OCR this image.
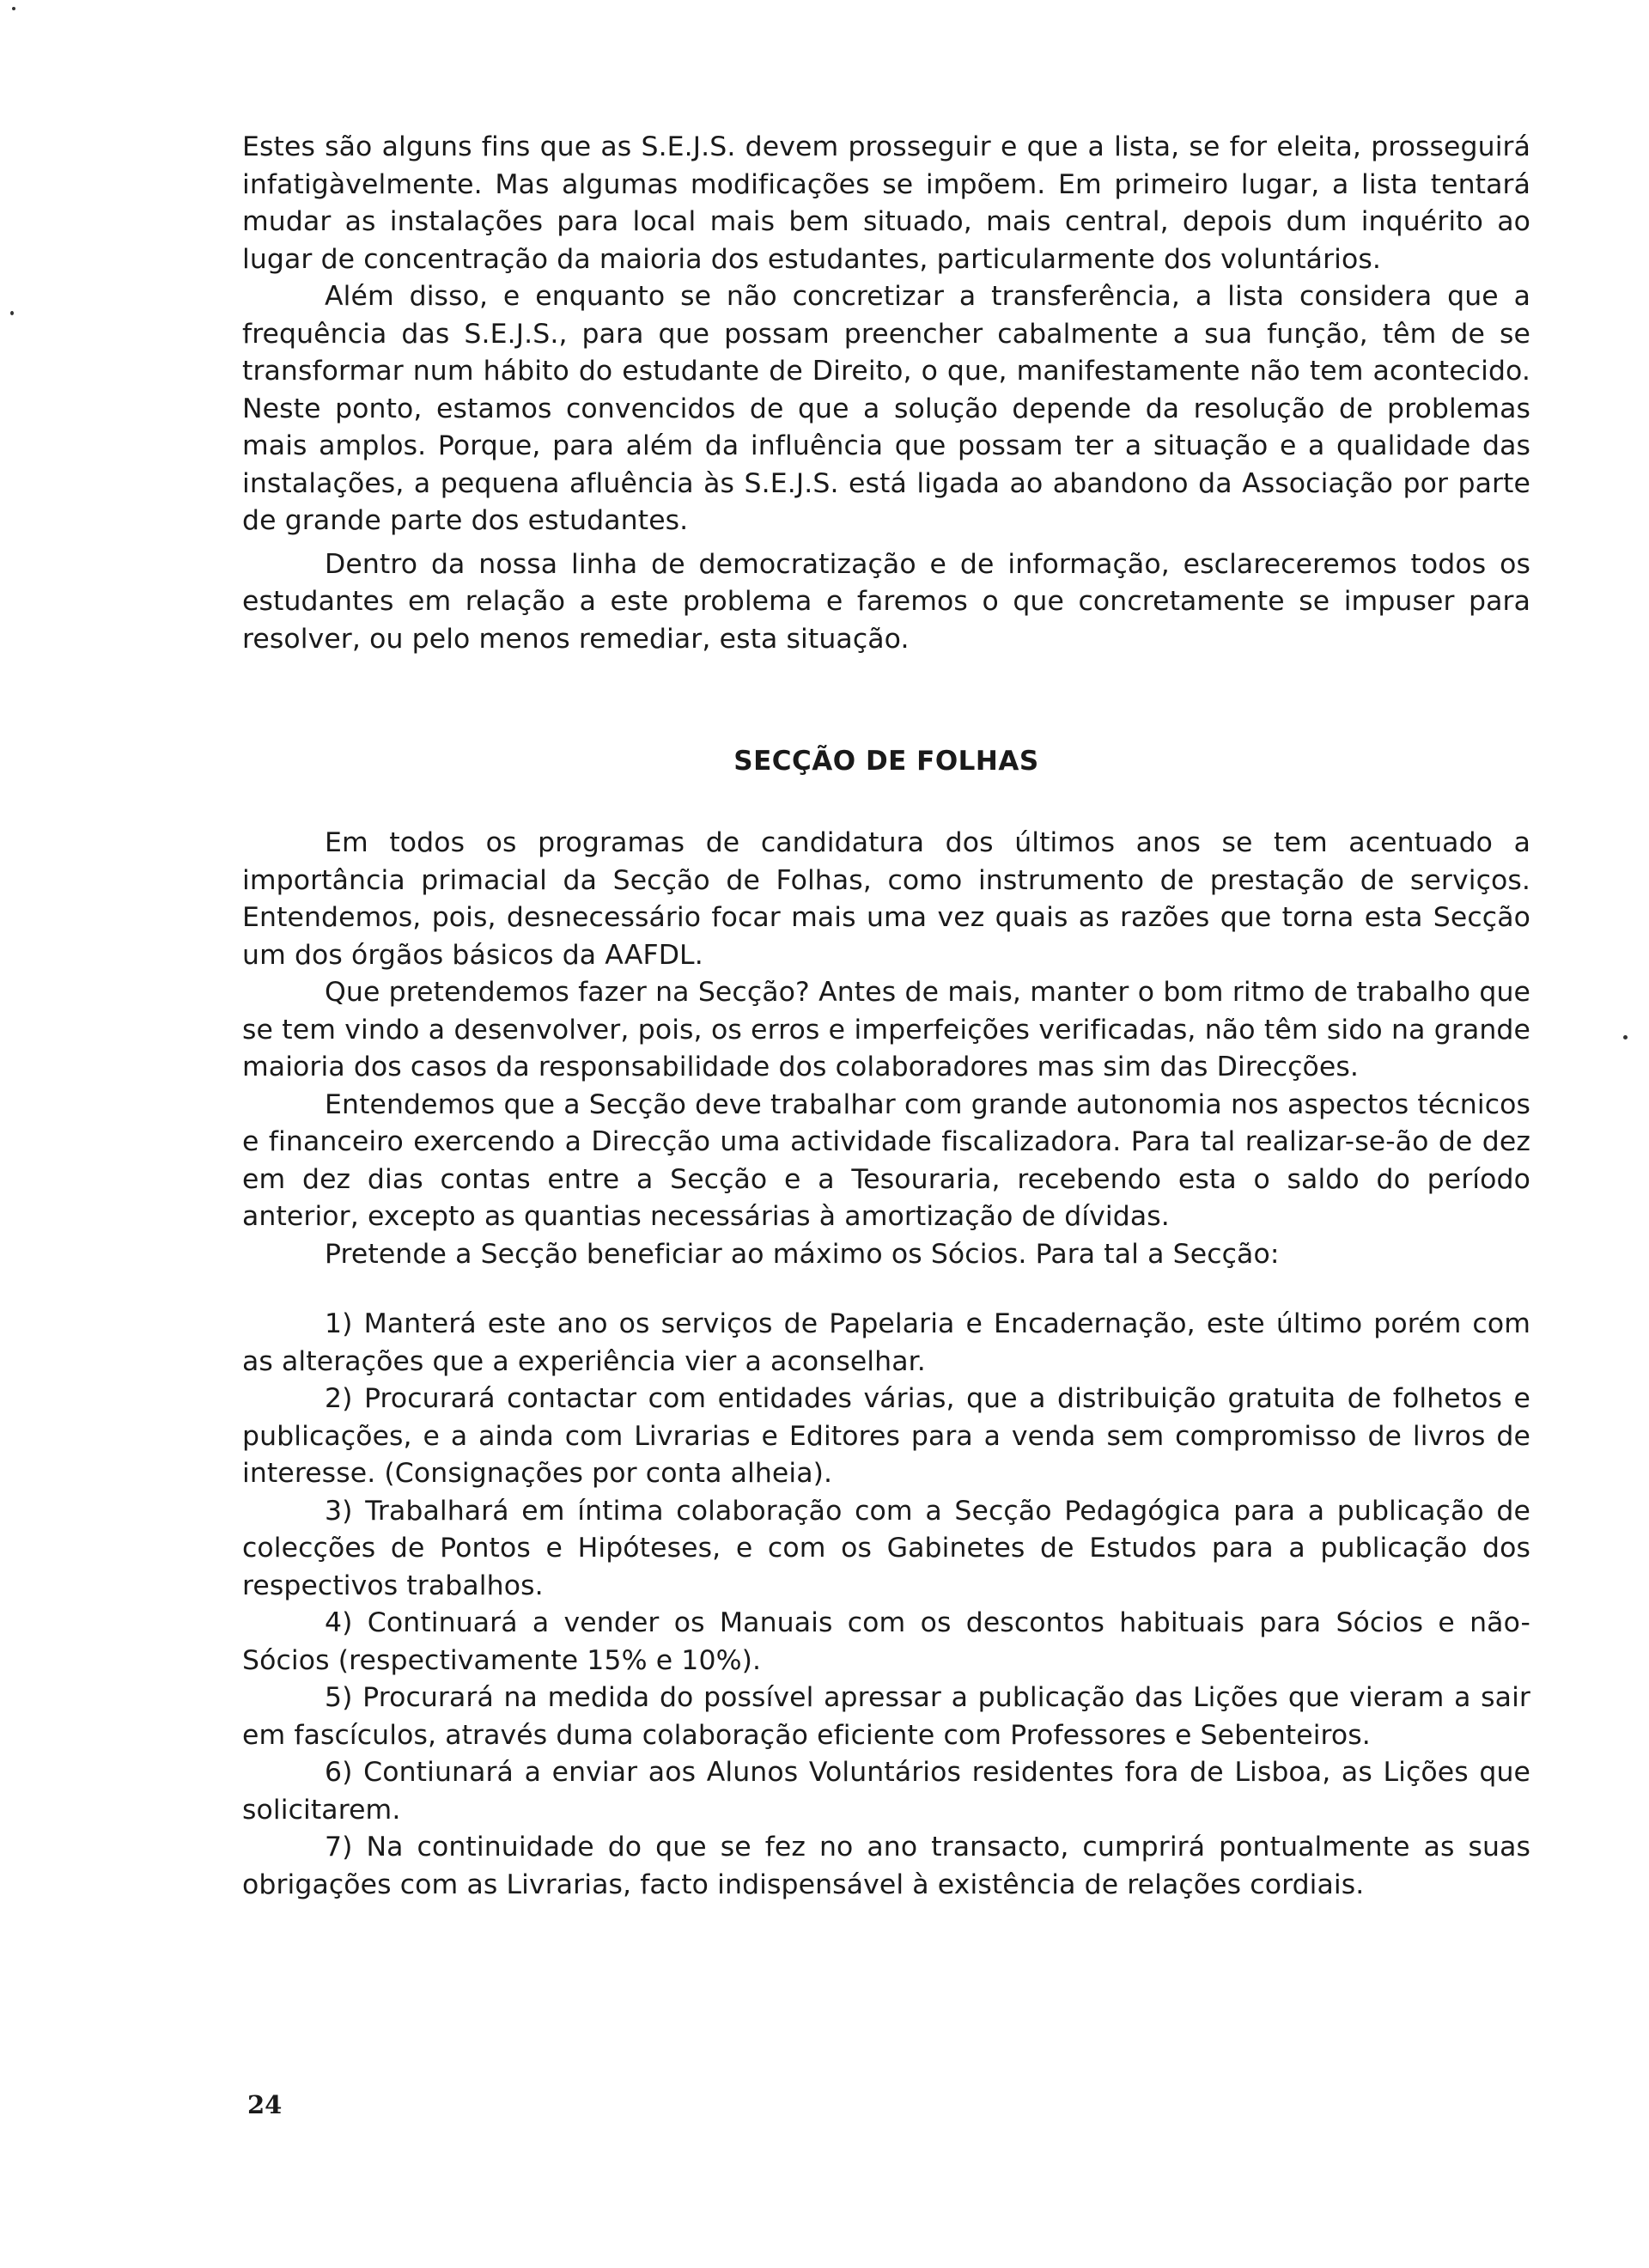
Estes são alguns fins que as S.E.J.S. devem prosseguir e que a lista, se for eleita, prosseguirá infatigàvelmente. Mas algumas modificações se impõem. Em primeiro lugar, a lista tentará mudar as instalações para local mais bem situado, mais central, depois dum inquérito ao lugar de concentração da maioria dos estudantes, particularmente dos voluntários.

Além disso, e enquanto se não concretizar a transferência, a lista considera que a frequência das S.E.J.S., para que possam preencher cabalmente a sua função, têm de se transformar num hábito do estudante de Direito, o que, manifestamente não tem acontecido. Neste ponto, estamos convencidos de que a solução depende da resolução de problemas mais amplos. Porque, para além da influência que possam ter a situação e a qualidade das instalações, a pequena afluência às S.E.J.S. está ligada ao abandono da Associação por parte de grande parte dos estudantes.

Dentro da nossa linha de democratização e de informação, esclareceremos todos os estudantes em relação a este problema e faremos o que concretamente se impuser para resolver, ou pelo menos remediar, esta situação.

SECÇÃO DE FOLHAS

Em todos os programas de candidatura dos últimos anos se tem acentuado a importância primacial da Secção de Folhas, como instrumento de prestação de serviços. Entendemos, pois, desnecessário focar mais uma vez quais as razões que torna esta Secção um dos órgãos básicos da AAFDL.

Que pretendemos fazer na Secção? Antes de mais, manter o bom ritmo de trabalho que se tem vindo a desenvolver, pois, os erros e imperfeições verificadas, não têm sido na grande maioria dos casos da responsabilidade dos colaboradores mas sim das Direcções.

Entendemos que a Secção deve trabalhar com grande autonomia nos aspectos técnicos e financeiro exercendo a Direcção uma actividade fiscalizadora. Para tal realizar-se-ão de dez em dez dias contas entre a Secção e a Tesouraria, recebendo esta o saldo do período anterior, excepto as quantias necessárias à amortização de dívidas.

Pretende a Secção beneficiar ao máximo os Sócios. Para tal a Secção:

1) Manterá este ano os serviços de Papelaria e Encadernação, este último porém com as alterações que a experiência vier a aconselhar.

2) Procurará contactar com entidades várias, que a distribuição gratuita de folhetos e publicações, e a ainda com Livrarias e Editores para a venda sem compromisso de livros de interesse. (Consignações por conta alheia).

3) Trabalhará em íntima colaboração com a Secção Pedagógica para a publicação de colecções de Pontos e Hipóteses, e com os Gabinetes de Estudos para a publicação dos respectivos trabalhos.

4) Continuará a vender os Manuais com os descontos habituais para Sócios e não-Sócios (respectivamente 15% e 10%).

5) Procurará na medida do possível apressar a publicação das Lições que vieram a sair em fascículos, através duma colaboração eficiente com Professores e Sebenteiros.

6) Contiunará a enviar aos Alunos Voluntários residentes fora de Lisboa, as Lições que solicitarem.

7) Na continuidade do que se fez no ano transacto, cumprirá pontualmente as suas obrigações com as Livrarias, facto indispensável à existência de relações cordiais.

24
